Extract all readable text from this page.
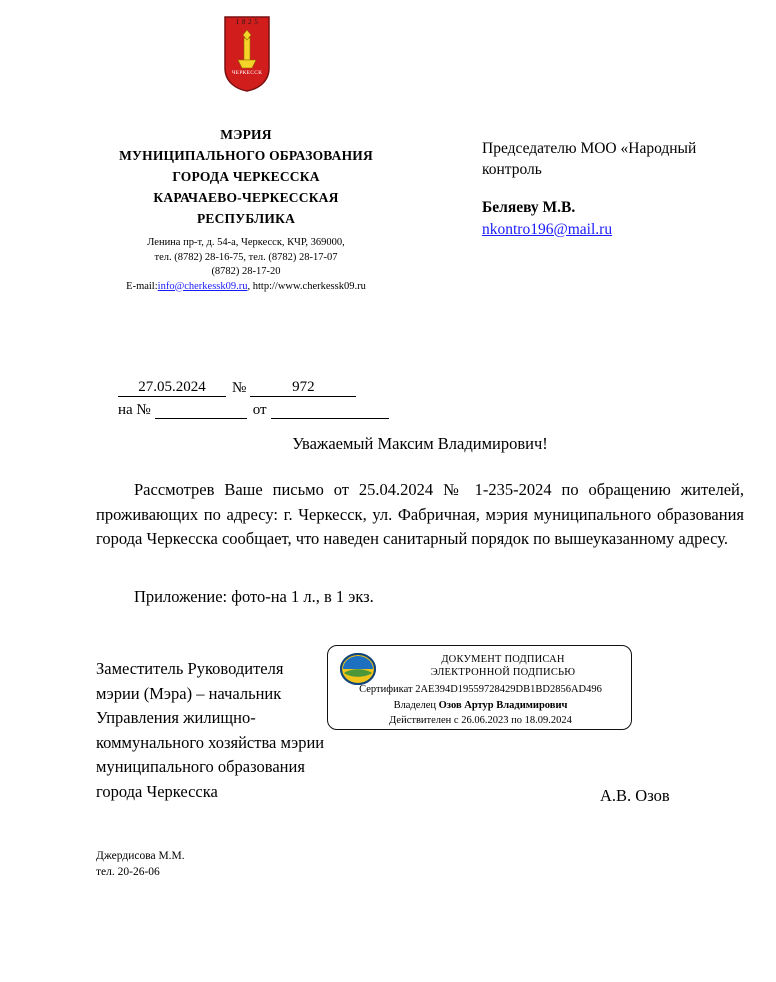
1 8 2 5
ЧЕРКЕССК
МЭРИЯ
МУНИЦИПАЛЬНОГО ОБРАЗОВАНИЯ
ГОРОДА ЧЕРКЕССКА
КАРАЧАЕВО-ЧЕРКЕССКАЯ
РЕСПУБЛИКА
Ленина пр-т, д. 54-а, Черкесск, КЧР, 369000,
тел. (8782) 28-16-75, тел. (8782) 28-17-07
(8782) 28-17-20
E-mail:info@cherkessk09.ru, http://www.cherkessk09.ru
Председателю МОО «Народный
контроль
Беляеву М.В.
nkontro196@mail.ru
27.05.2024	№	972
на №	от
Уважаемый Максим Владимирович!
Рассмотрев Ваше письмо от 25.04.2024 № 1-235-2024 по обращению жителей, проживающих по адресу: г. Черкесск, ул. Фабричная, мэрия муниципального образования города Черкесска сообщает, что наведен санитарный порядок по вышеуказанному адресу.
Приложение: фото-на 1 л., в 1 экз.
Заместитель Руководителя мэрии (Мэра) – начальник Управления жилищно-коммунального хозяйства мэрии муниципального образования города Черкесска	А.В. Озов
ДОКУМЕНТ ПОДПИСАН
ЭЛЕКТРОННОЙ ПОДПИСЬЮ
Сертификат 2AE394D19559728429DB1BD2856AD496
Владелец Озов Артур Владимирович
Действителен с 26.06.2023 по 18.09.2024
Джердисова М.М.
тел. 20-26-06
